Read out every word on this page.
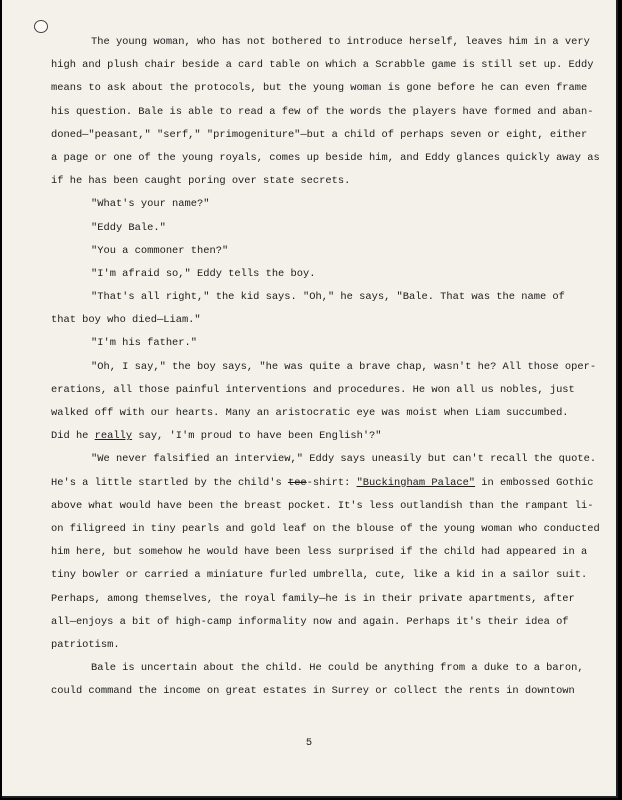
The young woman, who has not bothered to introduce herself, leaves him in a very
high and plush chair beside a card table on which a Scrabble game is still set up. Eddy
means to ask about the protocols, but the young woman is gone before he can even frame
his question. Bale is able to read a few of the words the players have formed and aban-
doned—"peasant," "serf," "primogeniture"—but a child of perhaps seven or eight, either
a page or one of the young royals, comes up beside him, and Eddy glances quickly away as
if he has been caught poring over state secrets.
"What's your name?"
"Eddy Bale."
"You a commoner then?"
"I'm afraid so," Eddy tells the boy.
"That's all right," the kid says. "Oh," he says, "Bale. That was the name of
that boy who died—Liam."
"I'm his father."
"Oh, I say," the boy says, "he was quite a brave chap, wasn't he? All those oper-
erations, all those painful interventions and procedures. He won all us nobles, just
walked off with our hearts. Many an aristocratic eye was moist when Liam succumbed.
Did he really say, 'I'm proud to have been English'?"
"We never falsified an interview," Eddy says uneasily but can't recall the quote.
He's a little startled by the child's tee-shirt: "Buckingham Palace" in embossed Gothic
above what would have been the breast pocket. It's less outlandish than the rampant li-
on filigreed in tiny pearls and gold leaf on the blouse of the young woman who conducted
him here, but somehow he would have been less surprised if the child had appeared in a
tiny bowler or carried a miniature furled umbrella, cute, like a kid in a sailor suit.
Perhaps, among themselves, the royal family—he is in their private apartments, after
all—enjoys a bit of high-camp informality now and again. Perhaps it's their idea of
patriotism.
Bale is uncertain about the child. He could be anything from a duke to a baron,
could command the income on great estates in Surrey or collect the rents in downtown
5
